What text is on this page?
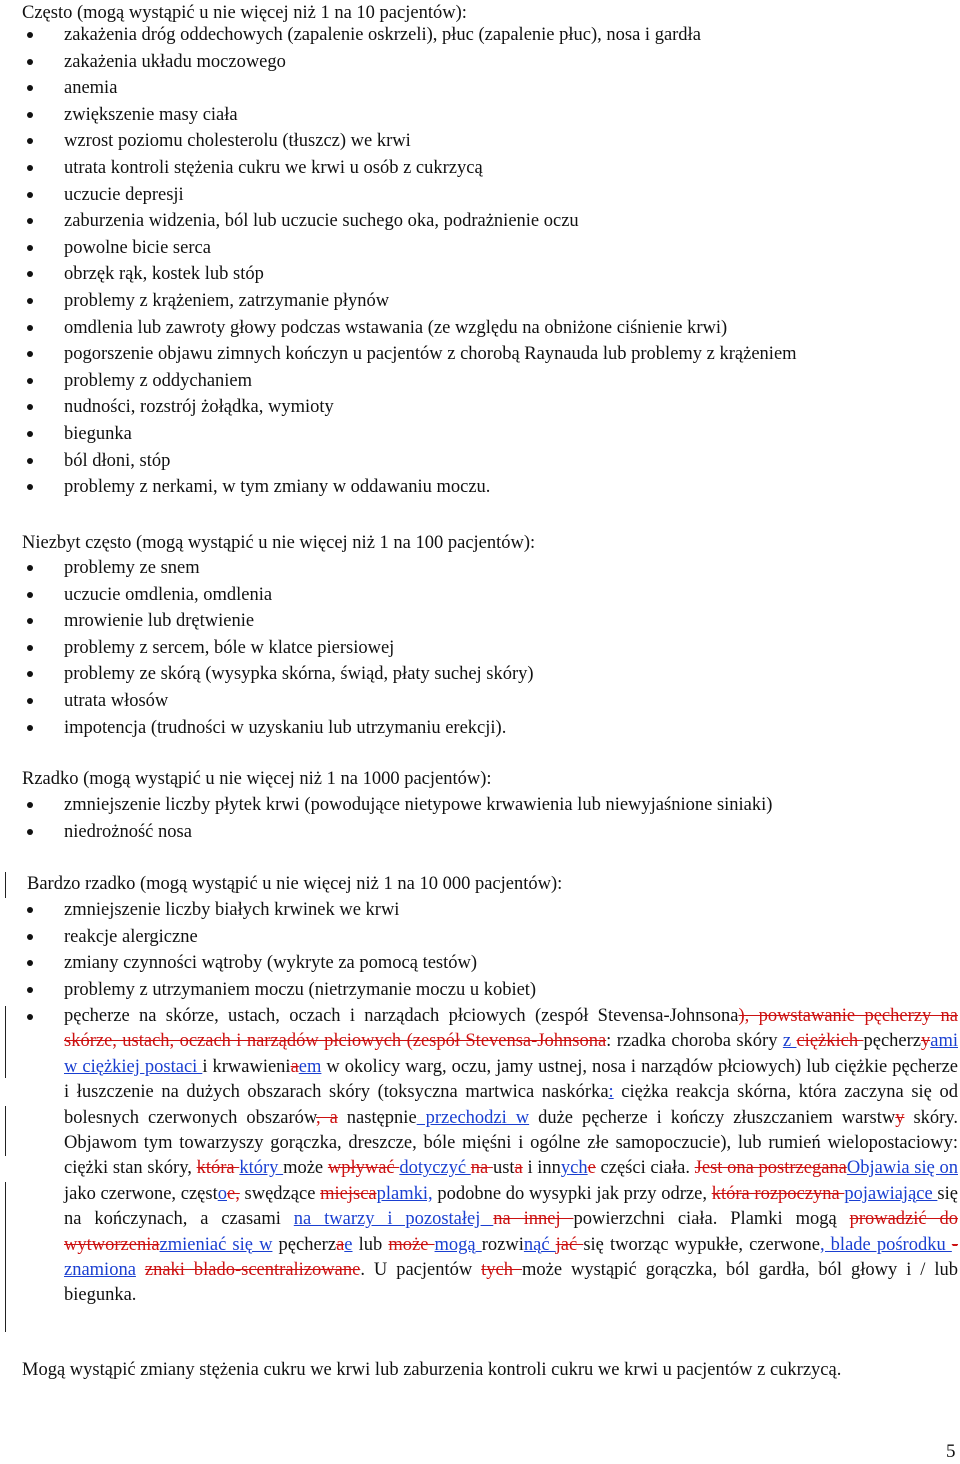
Często (mogą wystąpić u nie więcej niż 1 na 10 pacjentów):

zakażenia dróg oddechowych (zapalenie oskrzeli), płuc (zapalenie płuc), nosa i gardła
zakażenia układu moczowego
anemia
zwiększenie masy ciała
wzrost poziomu cholesterolu (tłuszcz) we krwi
utrata kontroli stężenia cukru we krwi u osób z cukrzycą
uczucie depresji
zaburzenia widzenia, ból lub uczucie suchego oka, podrażnienie oczu
powolne bicie serca
obrzęk rąk, kostek lub stóp
problemy z krążeniem, zatrzymanie płynów
omdlenia lub zawroty głowy podczas wstawania (ze względu na obniżone ciśnienie krwi)
pogorszenie objawu zimnych kończyn u pacjentów z chorobą Raynauda lub problemy z krążeniem
problemy z oddychaniem
nudności, rozstrój żołądka, wymioty
biegunka
ból dłoni, stóp
problemy z nerkami, w tym zmiany w oddawaniu moczu.

Niezbyt często (mogą wystąpić u nie więcej niż 1 na 100 pacjentów):

problemy ze snem
uczucie omdlenia, omdlenia
mrowienie lub drętwienie
problemy z sercem, bóle w klatce piersiowej
problemy ze skórą (wysypka skórna, świąd, płaty suchej skóry)
utrata włosów
impotencja (trudności w uzyskaniu lub utrzymaniu erekcji).

Rzadko (mogą wystąpić u nie więcej niż 1 na 1000 pacjentów):

zmniejszenie liczby płytek krwi (powodujące nietypowe krwawienia lub niewyjaśnione siniaki)
niedrożność nosa

Bardzo rzadko (mogą wystąpić u nie więcej niż 1 na 10 000 pacjentów):

zmniejszenie liczby białych krwinek we krwi
reakcje alergiczne
zmiany czynności wątroby (wykryte za pomocą testów)
problemy z utrzymaniem moczu (nietrzymanie moczu u kobiet)

pęcherze na skórze, ustach, oczach i narządach płciowych (zespół Stevensa-Johnsona), powstawanie pęcherzy na skórze, ustach, oczach i narządów płciowych (zespół Stevensa-Johnsona: rzadka choroba skóry z ciężkich pęcherzyami w ciężkiej postaci i krwawieniaem w okolicy warg, oczu, jamy ustnej, nosa i narządów płciowych) lub ciężkie pęcherze i łuszczenie na dużych obszarach skóry (toksyczna martwica naskórka: ciężka reakcja skórna, która zaczyna się od bolesnych czerwonych obszarów, a następnie przechodzi w duże pęcherze i kończy złuszczaniem warstwy skóry. Objawom tym towarzyszy gorączka, dreszcze, bóle mięśni i ogólne złe samopoczucie), lub rumień wielopostaciowy: ciężki stan skóry, która który może wpływać dotyczyć na usta i innyche części ciała. Jest ona postrzeganaObjawia się on jako czerwone, częstoe, swędzące miejscaplamki, podobne do wysypki jak przy odrze, która rozpoczyna pojawiające się na kończynach, a czasami na twarzy i pozostałej na innej powierzchni ciała. Plamki mogą prowadzić do wytworzeniazmieniać się w pęcherzae lub może mogą rozwinąć jać się tworząc wypukłe, czerwone, blade pośrodku -znamiona znaki blado-scentralizowane. U pacjentów tych może wystąpić gorączka, ból gardła, ból głowy i / lub biegunka.

Mogą wystąpić zmiany stężenia cukru we krwi lub zaburzenia kontroli cukru we krwi u pacjentów z cukrzycą.

5
